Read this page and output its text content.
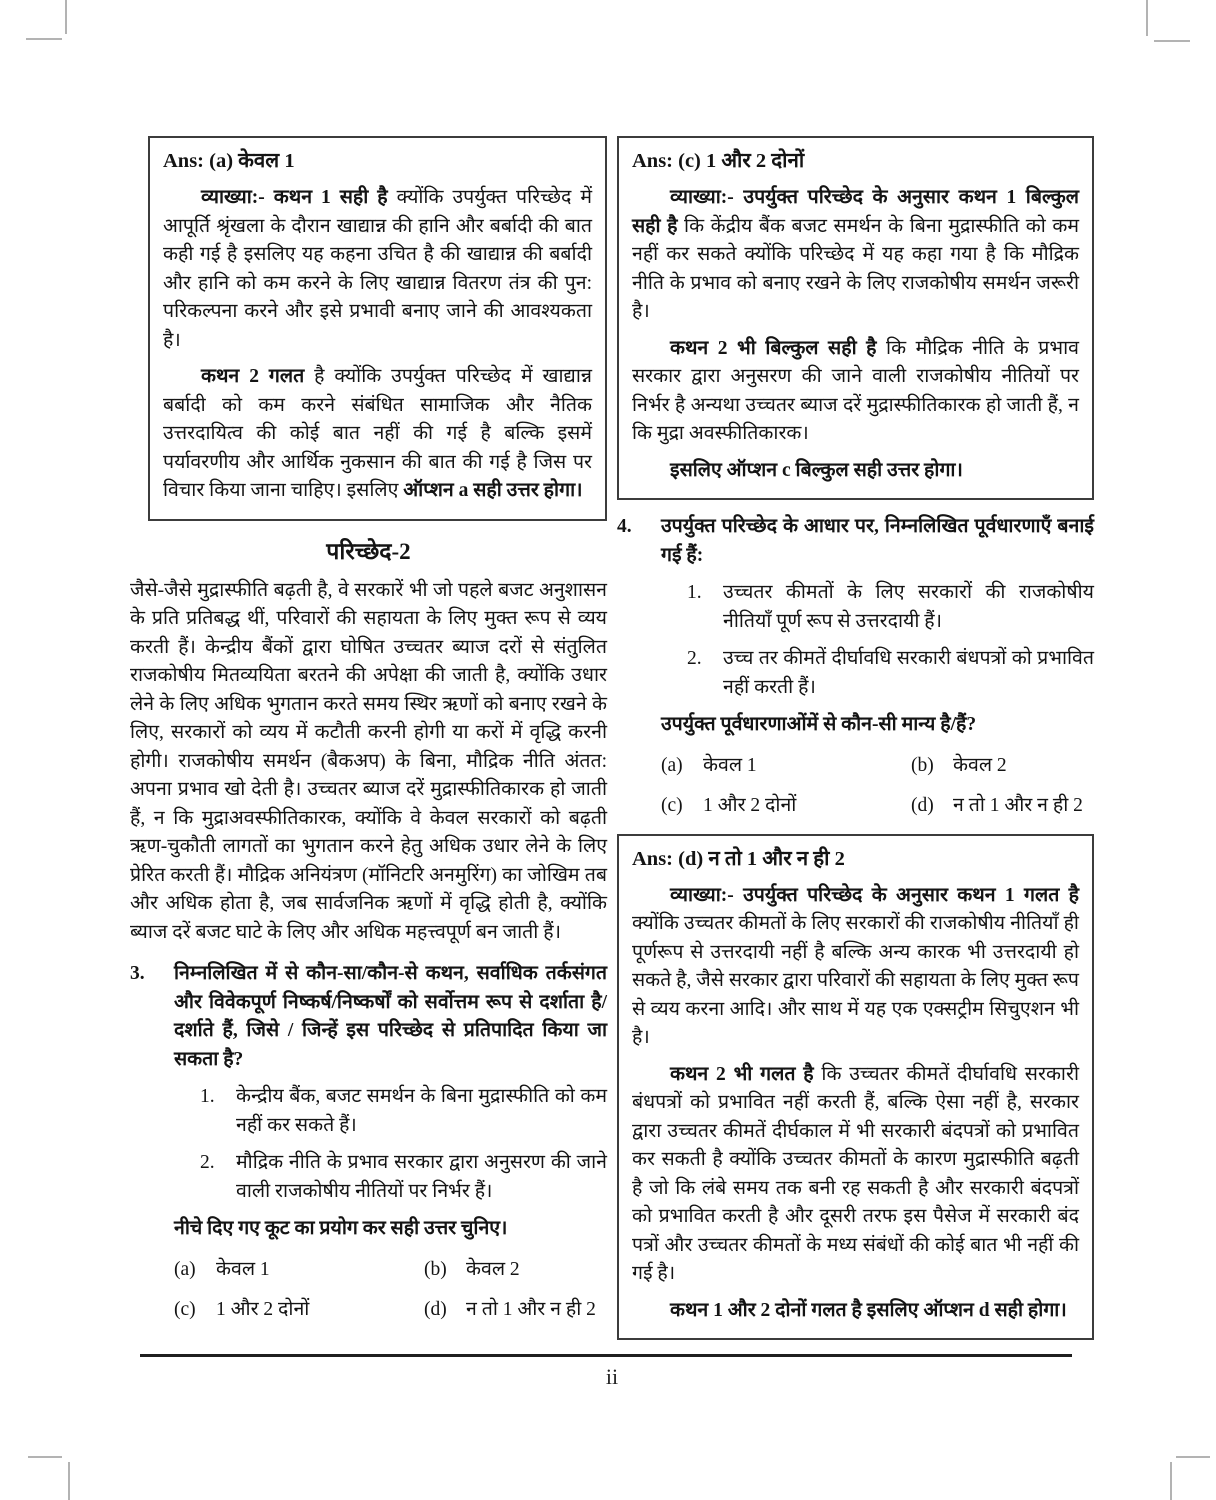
Ans: (a) केवल 1

व्याख्या:- कथन 1 सही है क्योंकि उपर्युक्त परिच्छेद में आपूर्ति श्रृंखला के दौरान खाद्यान्न की हानि और बर्बादी की बात कही गई है इसलिए यह कहना उचित है की खाद्यान्न की बर्बादी और हानि को कम करने के लिए खाद्यान्न वितरण तंत्र की पुन: परिकल्पना करने और इसे प्रभावी बनाए जाने की आवश्यकता है।

कथन 2 गलत है क्योंकि उपर्युक्त परिच्छेद में खाद्यान्न बर्बादी को कम करने संबंधित सामाजिक और नैतिक उत्तरदायित्व की कोई बात नहीं की गई है बल्कि इसमें पर्यावरणीय और आर्थिक नुकसान की बात की गई है जिस पर विचार किया जाना चाहिए। इसलिए ऑप्शन a सही उत्तर होगा।

परिच्छेद-2

जैसे-जैसे मुद्रास्फीति बढ़ती है, वे सरकारें भी जो पहले बजट अनुशासन के प्रति प्रतिबद्ध थीं, परिवारों की सहायता के लिए मुक्त रूप से व्यय करती हैं। केन्द्रीय बैंकों द्वारा घोषित उच्चतर ब्याज दरों से संतुलित राजकोषीय मितव्ययिता बरतने की अपेक्षा की जाती है, क्योंकि उधार लेने के लिए अधिक भुगतान करते समय स्थिर ऋणों को बनाए रखने के लिए, सरकारों को व्यय में कटौती करनी होगी या करों में वृद्धि करनी होगी। राजकोषीय समर्थन (बैकअप) के बिना, मौद्रिक नीति अंतत: अपना प्रभाव खो देती है। उच्चतर ब्याज दरें मुद्रास्फीतिकारक हो जाती हैं, न कि मुद्राअवस्फीतिकारक, क्योंकि वे केवल सरकारों को बढ़ती ऋण-चुकौती लागतों का भुगतान करने हेतु अधिक उधार लेने के लिए प्रेरित करती हैं। मौद्रिक अनियंत्रण (मॉनिटरि अनमुरिंग) का जोखिम तब और अधिक होता है, जब सार्वजनिक ऋणों में वृद्धि होती है, क्योंकि ब्याज दरें बजट घाटे के लिए और अधिक महत्त्वपूर्ण बन जाती हैं।

3.	निम्नलिखित में से कौन-सा/कौन-से कथन, सर्वाधिक तर्कसंगत और विवेकपूर्ण निष्कर्ष/निष्कर्षों को सर्वोत्तम रूप से दर्शाता है/ दर्शाते हैं, जिसे / जिन्हें इस परिच्छेद से प्रतिपादित किया जा सकता है?
1.	केन्द्रीय बैंक, बजट समर्थन के बिना मुद्रास्फीति को कम नहीं कर सकते हैं।
2.	मौद्रिक नीति के प्रभाव सरकार द्वारा अनुसरण की जाने वाली राजकोषीय नीतियों पर निर्भर हैं।
नीचे दिए गए कूट का प्रयोग कर सही उत्तर चुनिए।
(a)	केवल 1	(b) केवल 2
(c)	1 और 2 दोनों	(d) न तो 1 और न ही 2
Ans: (c) 1 और 2 दोनों

व्याख्या:- उपर्युक्त परिच्छेद के अनुसार कथन 1 बिल्कुल सही है कि केंद्रीय बैंक बजट समर्थन के बिना मुद्रास्फीति को कम नहीं कर सकते क्योंकि परिच्छेद में यह कहा गया है कि मौद्रिक नीति के प्रभाव को बनाए रखने के लिए राजकोषीय समर्थन जरूरी है।

कथन 2 भी बिल्कुल सही है कि मौद्रिक नीति के प्रभाव सरकार द्वारा अनुसरण की जाने वाली राजकोषीय नीतियों पर निर्भर है अन्यथा उच्चतर ब्याज दरें मुद्रास्फीतिकारक हो जाती हैं, न कि मुद्रा अवस्फीतिकारक।

इसलिए ऑप्शन c बिल्कुल सही उत्तर होगा।

4.	उपर्युक्त परिच्छेद के आधार पर, निम्नलिखित पूर्वधारणाएँ बनाई गई हैं:
1.	उच्चतर कीमतों के लिए सरकारों की राजकोषीय नीतियाँ पूर्ण रूप से उत्तरदायी हैं।
2.	उच्च तर कीमतें दीर्घावधि सरकारी बंधपत्रों को प्रभावित नहीं करती हैं।
उपर्युक्त पूर्वधारणाओंमें से कौन-सी मान्य है/हैं?
(a)	केवल 1	(b) केवल 2
(c)	1 और 2 दोनों	(d) न तो 1 और न ही 2
Ans: (d) न तो 1 और न ही 2

व्याख्या:- उपर्युक्त परिच्छेद के अनुसार कथन 1 गलत है क्योंकि उच्चतर कीमतों के लिए सरकारों की राजकोषीय नीतियाँ ही पूर्णरूप से उत्तरदायी नहीं है बल्कि अन्य कारक भी उत्तरदायी हो सकते है, जैसे सरकार द्वारा परिवारों की सहायता के लिए मुक्त रूप से व्यय करना आदि। और साथ में यह एक एक्सट्रीम सिचुएशन भी है।

कथन 2 भी गलत है कि उच्चतर कीमतें दीर्घावधि सरकारी बंधपत्रों को प्रभावित नहीं करती हैं, बल्कि ऐसा नहीं है, सरकार द्वारा उच्चतर कीमतें दीर्घकाल में भी सरकारी बंदपत्रों को प्रभावित कर सकती है क्योंकि उच्चतर कीमतों के कारण मुद्रास्फीति बढ़ती है जो कि लंबे समय तक बनी रह सकती है और सरकारी बंदपत्रों को प्रभावित करती है और दूसरी तरफ इस पैसेज में सरकारी बंद पत्रों और उच्चतर कीमतों के मध्य संबंधों की कोई बात भी नहीं की गई है।

कथन 1 और 2 दोनों गलत है इसलिए ऑप्शन d सही होगा।

ii
